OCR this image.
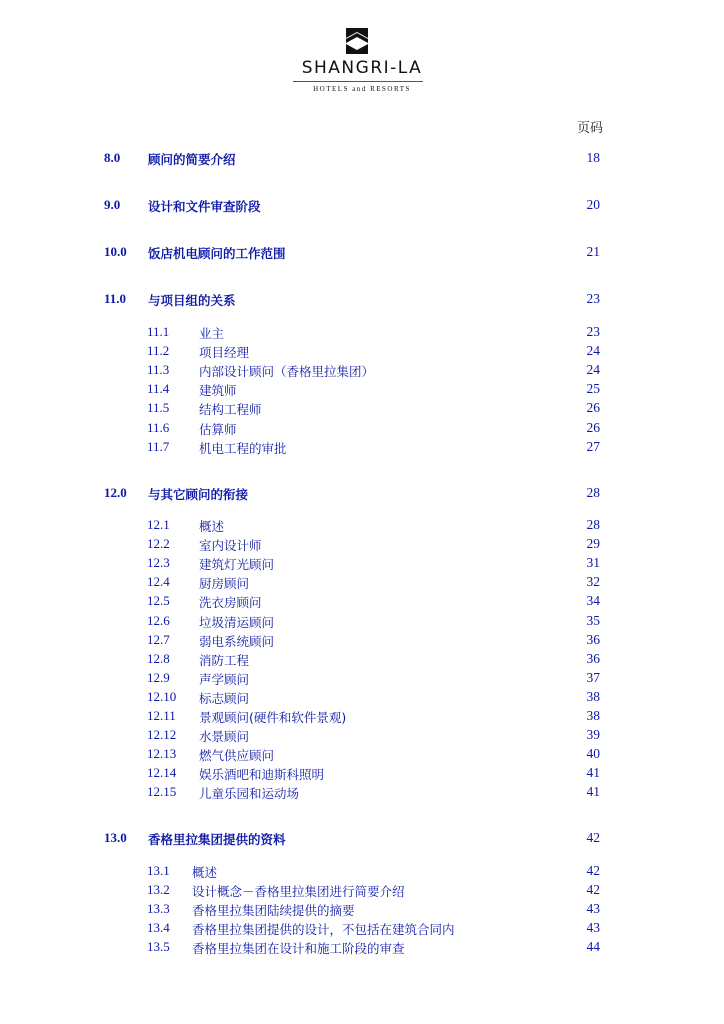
SHANGRI-LA
HOTELS and RESORTS
页码
8.0 顾问的简要介绍	18
9.0 设计和文件审查阶段	20
10.0 饭店机电顾问的工作范围	21
11.0 与项目组的关系	23
12.0 与其它顾问的衔接	28
13.0 香格里拉集团提供的资料	42
11.1 业主	23
11.2 项目经理	24
11.3 内部设计顾问（香格里拉集团）	24
11.4 建筑师	25
11.5 结构工程师	26
11.6 估算师	26
11.7 机电工程的审批	27
12.1 概述	28
12.2 室内设计师	29
12.3 建筑灯光顾问	31
12.4 厨房顾问	32
12.5 洗衣房顾问	34
12.6 垃圾清运顾问	35
12.7 弱电系统顾问	36
12.8 消防工程	36
12.9 声学顾问	37
12.10 标志顾问	38
12.11 景观顾问(硬件和软件景观)	38
12.12 水景顾问	39
12.13 燃气供应顾问	40
12.14 娱乐酒吧和迪斯科照明	41
12.15 儿童乐园和运动场	41
13.1 概述	42
13.2 设计概念－香格里拉集团进行简要介绍	42
13.3 香格里拉集团陆续提供的摘要	43
13.4 香格里拉集团提供的设计，不包括在建筑合同内	43
13.5 香格里拉集团在设计和施工阶段的审查	44
